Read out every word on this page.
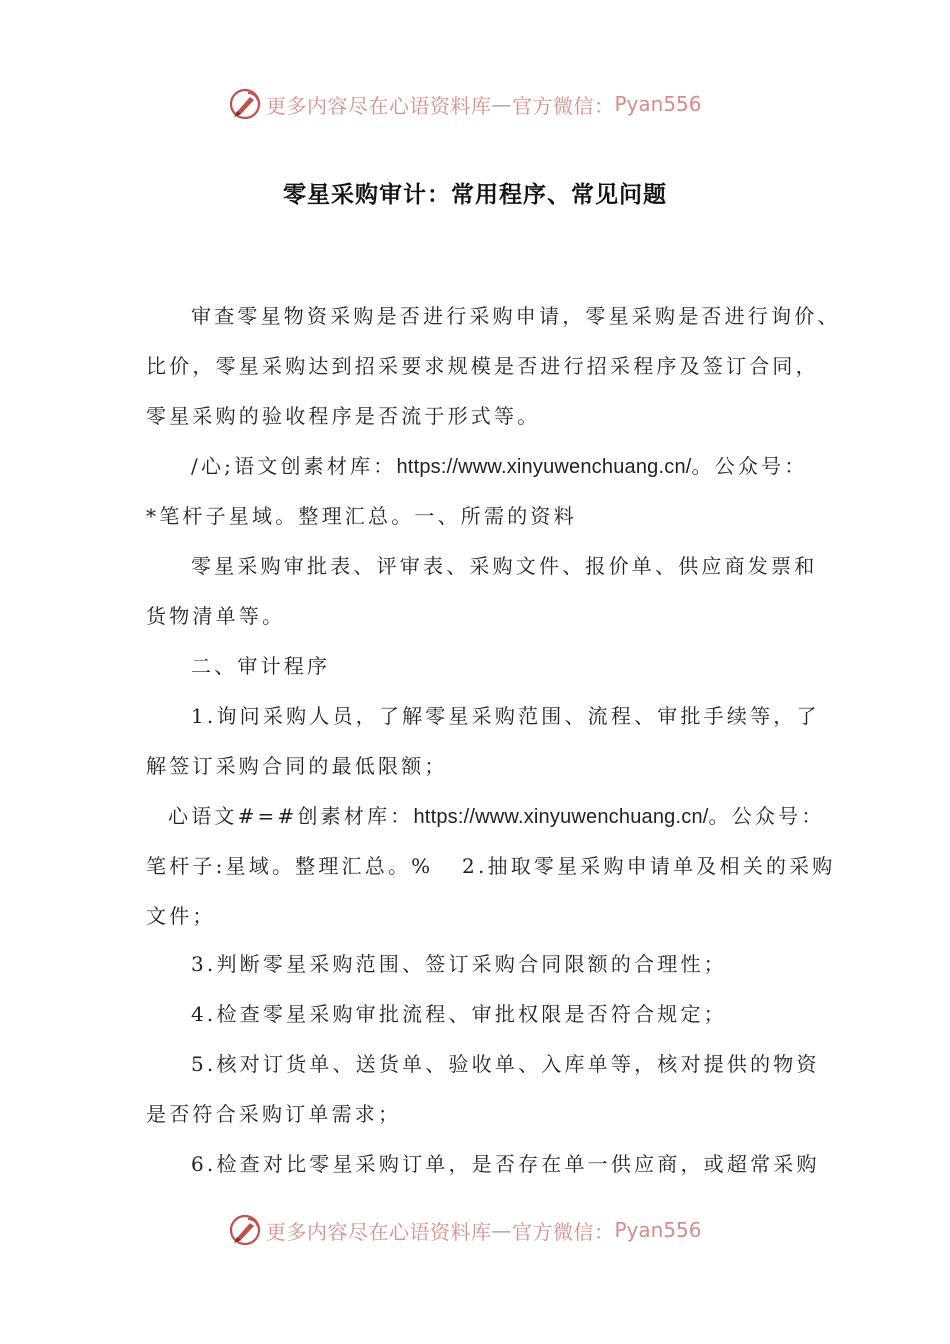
更多内容尽在心语资料库 — 官方微信： Pyan556
零星采购审计：常用程序、常见问题
审查零星物资采购是否进行采购申请，零星采购是否进行询价、
比价，零星采购达到招采要求规模是否进行招采程序及签订合同，
零星采购的验收程序是否流于形式等。
/心;语文创素材库：https://www.xinyuwenchuang.cn/。公众号：
*笔杆子星域。整理汇总。一、所需的资料
零星采购审批表、评审表、采购文件、报价单、供应商发票和
货物清单等。
二、审计程序
1.询问采购人员，了解零星采购范围、流程、审批手续等，了
解签订采购合同的最低限额；
心语文#=#创素材库：https://www.xinyuwenchuang.cn/。公众号：
笔杆子:星域。整理汇总。%   2.抽取零星采购申请单及相关的采购
文件；
3.判断零星采购范围、签订采购合同限额的合理性；
4.检查零星采购审批流程、审批权限是否符合规定；
5.核对订货单、送货单、验收单、入库单等，核对提供的物资
是否符合采购订单需求；
6.检查对比零星采购订单，是否存在单一供应商，或超常采购
更多内容尽在心语资料库 — 官方微信： Pyan556
